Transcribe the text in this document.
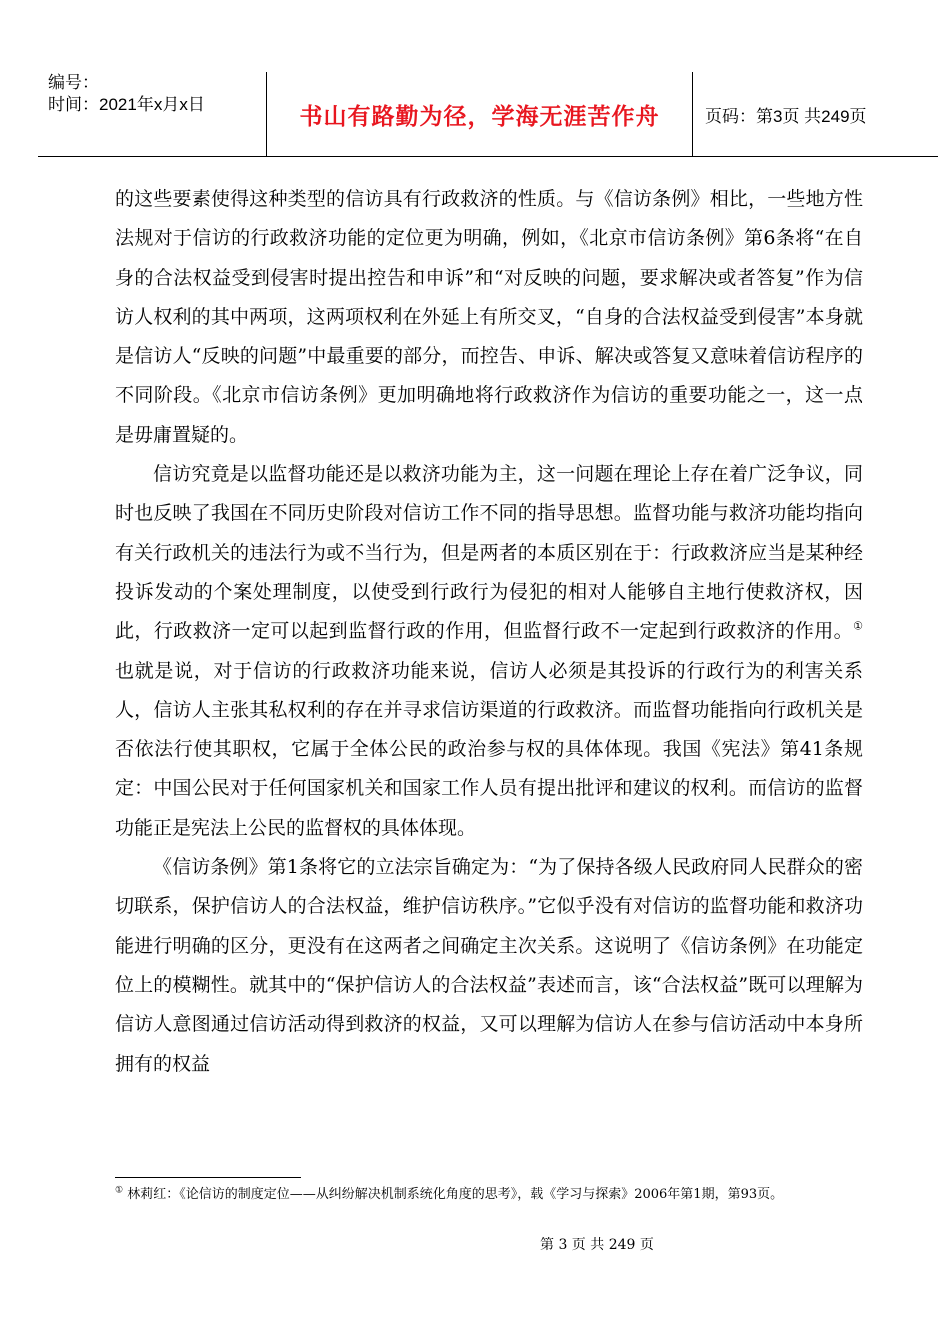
编号：
时间：2021年x月x日	书山有路勤为径，学海无涯苦作舟	页码：第3页 共249页

的这些要素使得这种类型的信访具有行政救济的性质。与《信访条例》相比，一些地方性法规对于信访的行政救济功能的定位更为明确，例如，《北京市信访条例》第6条将“在自身的合法权益受到侵害时提出控告和申诉”和“对反映的问题，要求解决或者答复”作为信访人权利的其中两项，这两项权利在外延上有所交叉，“自身的合法权益受到侵害”本身就是信访人“反映的问题”中最重要的部分，而控告、申诉、解决或答复又意味着信访程序的不同阶段。《北京市信访条例》更加明确地将行政救济作为信访的重要功能之一，这一点是毋庸置疑的。

信访究竟是以监督功能还是以救济功能为主，这一问题在理论上存在着广泛争议，同时也反映了我国在不同历史阶段对信访工作不同的指导思想。监督功能与救济功能均指向有关行政机关的违法行为或不当行为，但是两者的本质区别在于：行政救济应当是某种经投诉发动的个案处理制度，以使受到行政行为侵犯的相对人能够自主地行使救济权，因此，行政救济一定可以起到监督行政的作用，但监督行政不一定起到行政救济的作用。① 也就是说，对于信访的行政救济功能来说，信访人必须是其投诉的行政行为的利害关系人，信访人主张其私权利的存在并寻求信访渠道的行政救济。而监督功能指向行政机关是否依法行使其职权，它属于全体公民的政治参与权的具体体现。我国《宪法》第41条规定：中国公民对于任何国家机关和国家工作人员有提出批评和建议的权利。而信访的监督功能正是宪法上公民的监督权的具体体现。

《信访条例》第1条将它的立法宗旨确定为：“为了保持各级人民政府同人民群众的密切联系，保护信访人的合法权益，维护信访秩序。”它似乎没有对信访的监督功能和救济功能进行明确的区分，更没有在这两者之间确定主次关系。这说明了《信访条例》在功能定位上的模糊性。就其中的“保护信访人的合法权益”表述而言，该“合法权益”既可以理解为信访人意图通过信访活动得到救济的权益，又可以理解为信访人在参与信访活动中本身所拥有的权益

① 林莉红：《论信访的制度定位——从纠纷解决机制系统化角度的思考》，载《学习与探索》2006年第1期，第93页。
第 3 页 共 249 页
